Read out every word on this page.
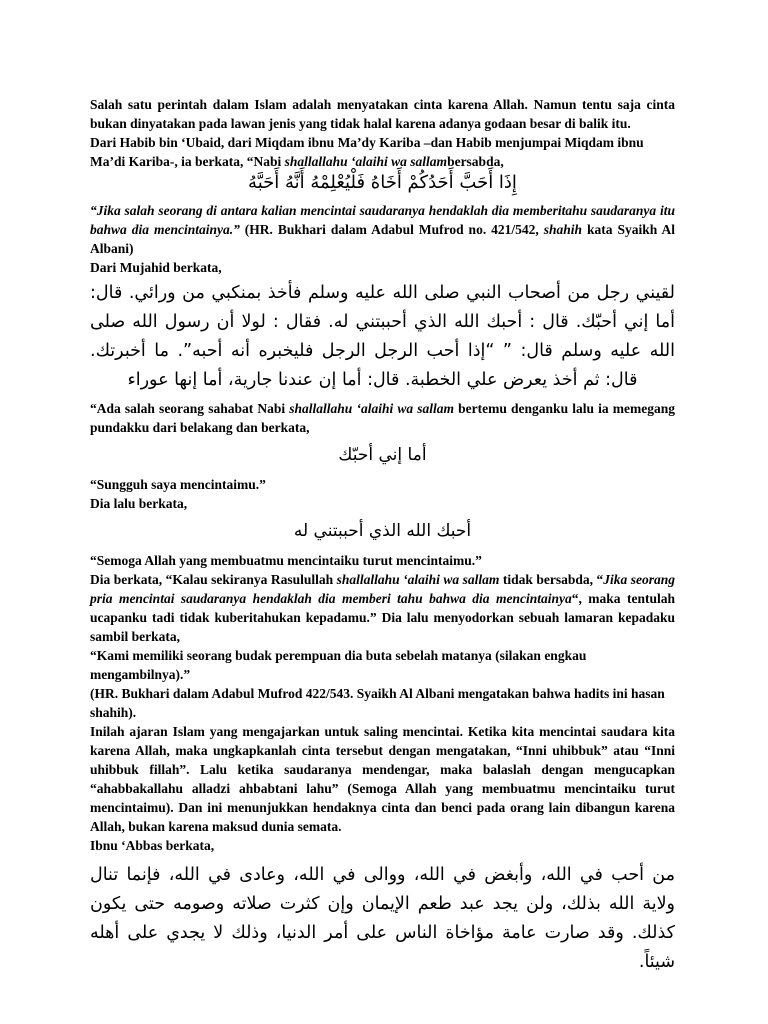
Salah satu perintah dalam Islam adalah menyatakan cinta karena Allah. Namun tentu saja cinta bukan dinyatakan pada lawan jenis yang tidak halal karena adanya godaan besar di balik itu.

Dari Habib bin ‘Ubaid, dari Miqdam ibnu Ma’dy Kariba –dan Habib menjumpai Miqdam ibnu Ma’di Kariba-, ia berkata, “Nabi shallallahu ‘alaihi wa sallambersabda,

إِذَا أَحَبَّ أَحَدُكُمْ أَخَاهُ فَلْيُعْلِمْهُ أَنَّهُ أَحَبَّهُ

“Jika salah seorang di antara kalian mencintai saudaranya hendaklah dia memberitahu saudaranya itu bahwa dia mencintainya.” (HR. Bukhari dalam Adabul Mufrod no. 421/542, shahih kata Syaikh Al Albani)

Dari Mujahid berkata,

لقيني رجل من أصحاب النبي صلى الله عليه وسلم فأخذ بمنكبي من ورائي. قال: أما إني أحبّك. قال : أحبك الله الذي أحببتني له. فقال : لولا أن رسول الله صلى الله عليه وسلم قال: ” “إذا أحب الرجل الرجل فليخبره أنه أحبه”. ما أخبرتك. قال: ثم أخذ يعرض علي الخطبة. قال: أما إن عندنا جارية، أما إنها عوراء

“Ada salah seorang sahabat Nabi shallallahu ‘alaihi wa sallam bertemu denganku lalu ia memegang pundakku dari belakang dan berkata,

أما إني أحبّك

“Sungguh saya mencintaimu.”

Dia lalu berkata,

أحبك الله الذي أحببتني له

“Semoga Allah yang membuatmu mencintaiku turut mencintaimu.”

Dia berkata, “Kalau sekiranya Rasulullah shallallahu ‘alaihi wa sallam tidak bersabda, “Jika seorang pria mencintai saudaranya hendaklah dia memberi tahu bahwa dia mencintainya“, maka tentulah ucapanku tadi tidak kuberitahukan kepadamu.” Dia lalu menyodorkan sebuah lamaran kepadaku sambil berkata,

“Kami memiliki seorang budak perempuan dia buta sebelah matanya (silakan engkau mengambilnya).”

(HR. Bukhari dalam Adabul Mufrod 422/543. Syaikh Al Albani mengatakan bahwa hadits ini hasan shahih).

Inilah ajaran Islam yang mengajarkan untuk saling mencintai. Ketika kita mencintai saudara kita karena Allah, maka ungkapkanlah cinta tersebut dengan mengatakan, “Inni uhibbuk” atau “Inni uhibbuk fillah”. Lalu ketika saudaranya mendengar, maka balaslah dengan mengucapkan “ahabbakallahu alladzi ahbabtani lahu” (Semoga Allah yang membuatmu mencintaiku turut mencintaimu). Dan ini menunjukkan hendaknya cinta dan benci pada orang lain dibangun karena Allah, bukan karena maksud dunia semata.

Ibnu ‘Abbas berkata,

من أحب في الله، وأبغض في الله، ووالى في الله، وعادى في الله، فإنما تنال ولاية الله بذلك، ولن يجد عبد طعم الإيمان وإن كثرت صلاته وصومه حتى يكون كذلك. وقد صارت عامة مؤاخاة الناس على أمر الدنيا، وذلك لا يجدي على أهله شيئاً.
